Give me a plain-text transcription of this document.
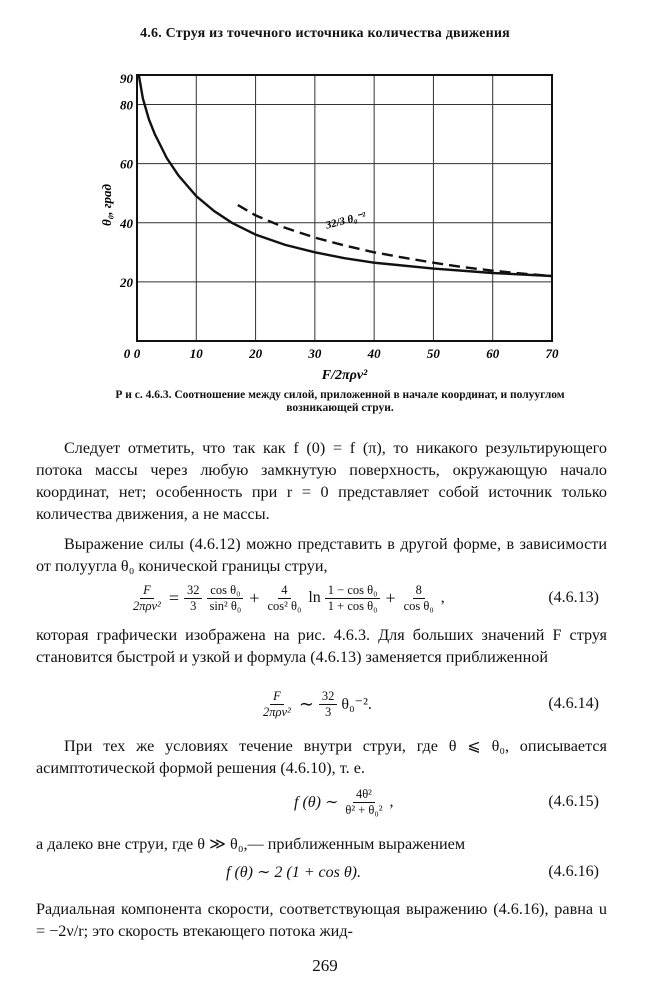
4.6. Струя из точечного источника количества движения
0	10	20	30	40	50	60	70
20
40
60
80
90
0
F/2πρν²
θ₀, град	32/3 θ₀⁻²
Р и с. 4.6.3. Соотношение между силой, приложенной в начале координат, и полууглом
возникающей струи.

Следует отметить, что так как f (0) = f (π), то никакого результирующего потока массы через любую замкнутую поверхность, окружающую начало координат, нет; особенность при r = 0 представляет собой источник только количества движения, а не массы.

Выражение силы (4.6.12) можно представить в другой форме, в зависимости от полуугла θ₀ конической границы струи,

$\frac{F}{\text{2πρν²}} = \frac{32}{3} \frac{\text{cos θ₀}}{\text{sin² θ₀}} + \frac{4}{\text{cos² θ₀}}$ $\ln \frac{\text{1 − cos θ₀}}{\text{1 + cos θ₀}} + \frac{8}{\text{cos θ₀}}$ ,	(4.6.13)

которая графически изображена на рис. 4.6.3. Для больших значений F струя становится быстрой и узкой и формула (4.6.13) заменяется приближенной

$\frac{F}{\text{2πρν²}}$ ∼ $\frac{32}{3} \theta_0^{-2}$.	(4.6.14)

При тех же условиях течение внутри струи, где θ ⩽ θ₀, описывается асимптотической формой решения (4.6.10), т. е.

f (θ) ∼ $\frac{\text{4θ²}}{\text{θ² + θ₀²}}$ ,	(4.6.15)

а далеко вне струи, где θ ≫ θ₀,— приближенным выражением

f (θ) ∼ 2 (1 + cos θ).	(4.6.16)

Радиальная компонента скорости, соответствующая выражению (4.6.16), равна u = −2ν/r; это скорость втекающего потока жид-

269
